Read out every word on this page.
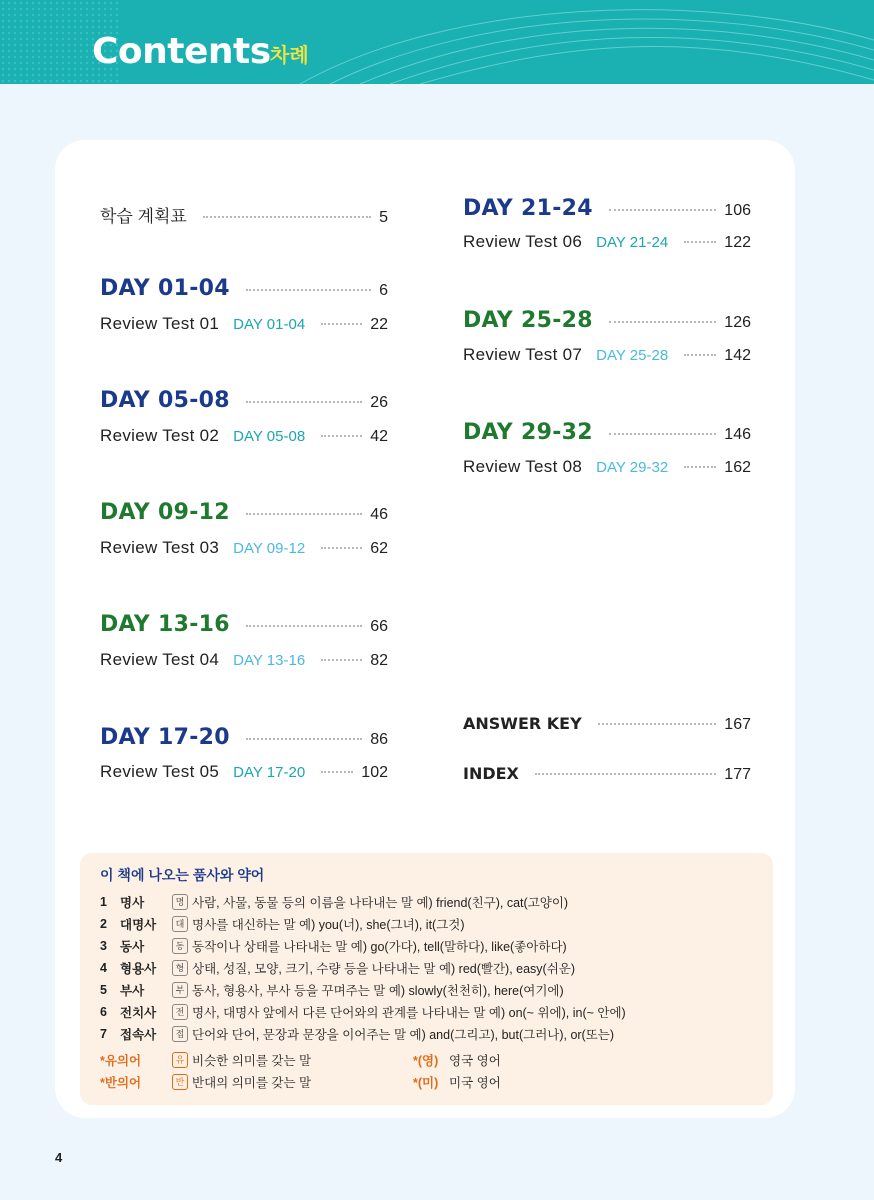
Contents 차례
학습 계획표	5
DAY 01-04	6
Review Test 01 DAY 01-04	22
DAY 05-08	26
Review Test 02 DAY 05-08	42
DAY 09-12	46
Review Test 03 DAY 09-12	62
DAY 13-16	66
Review Test 04 DAY 13-16	82
DAY 17-20	86
Review Test 05 DAY 17-20	102
DAY 21-24	106
Review Test 06 DAY 21-24	122
DAY 25-28	126
Review Test 07 DAY 25-28	142
DAY 29-32	146
Review Test 08 DAY 29-32	162
ANSWER KEY	167
INDEX	177
이 책에 나오는 품사와 약어
1	명사	명 사람, 사물, 동물 등의 이름을 나타내는 말 예) friend(친구), cat(고양이)
2	대명사	대 명사를 대신하는 말 예) you(너), she(그녀), it(그것)
3	동사	동 동작이나 상태를 나타내는 말 예) go(가다), tell(말하다), like(좋아하다)
4	형용사	형 상태, 성질, 모양, 크기, 수량 등을 나타내는 말 예) red(빨간), easy(쉬운)
5	부사	부 동사, 형용사, 부사 등을 꾸며주는 말 예) slowly(천천히), here(여기에)
6	전치사	전 명사, 대명사 앞에서 다른 단어와의 관계를 나타내는 말 예) on(~ 위에), in(~ 안에)
7	접속사	접 단어와 단어, 문장과 문장을 이어주는 말 예) and(그리고), but(그러나), or(또는)
*유의어	유 비슷한 의미를 갖는 말	*(영) 영국 영어
*반의어	반 반대의 의미를 갖는 말	*(미) 미국 영어
4
